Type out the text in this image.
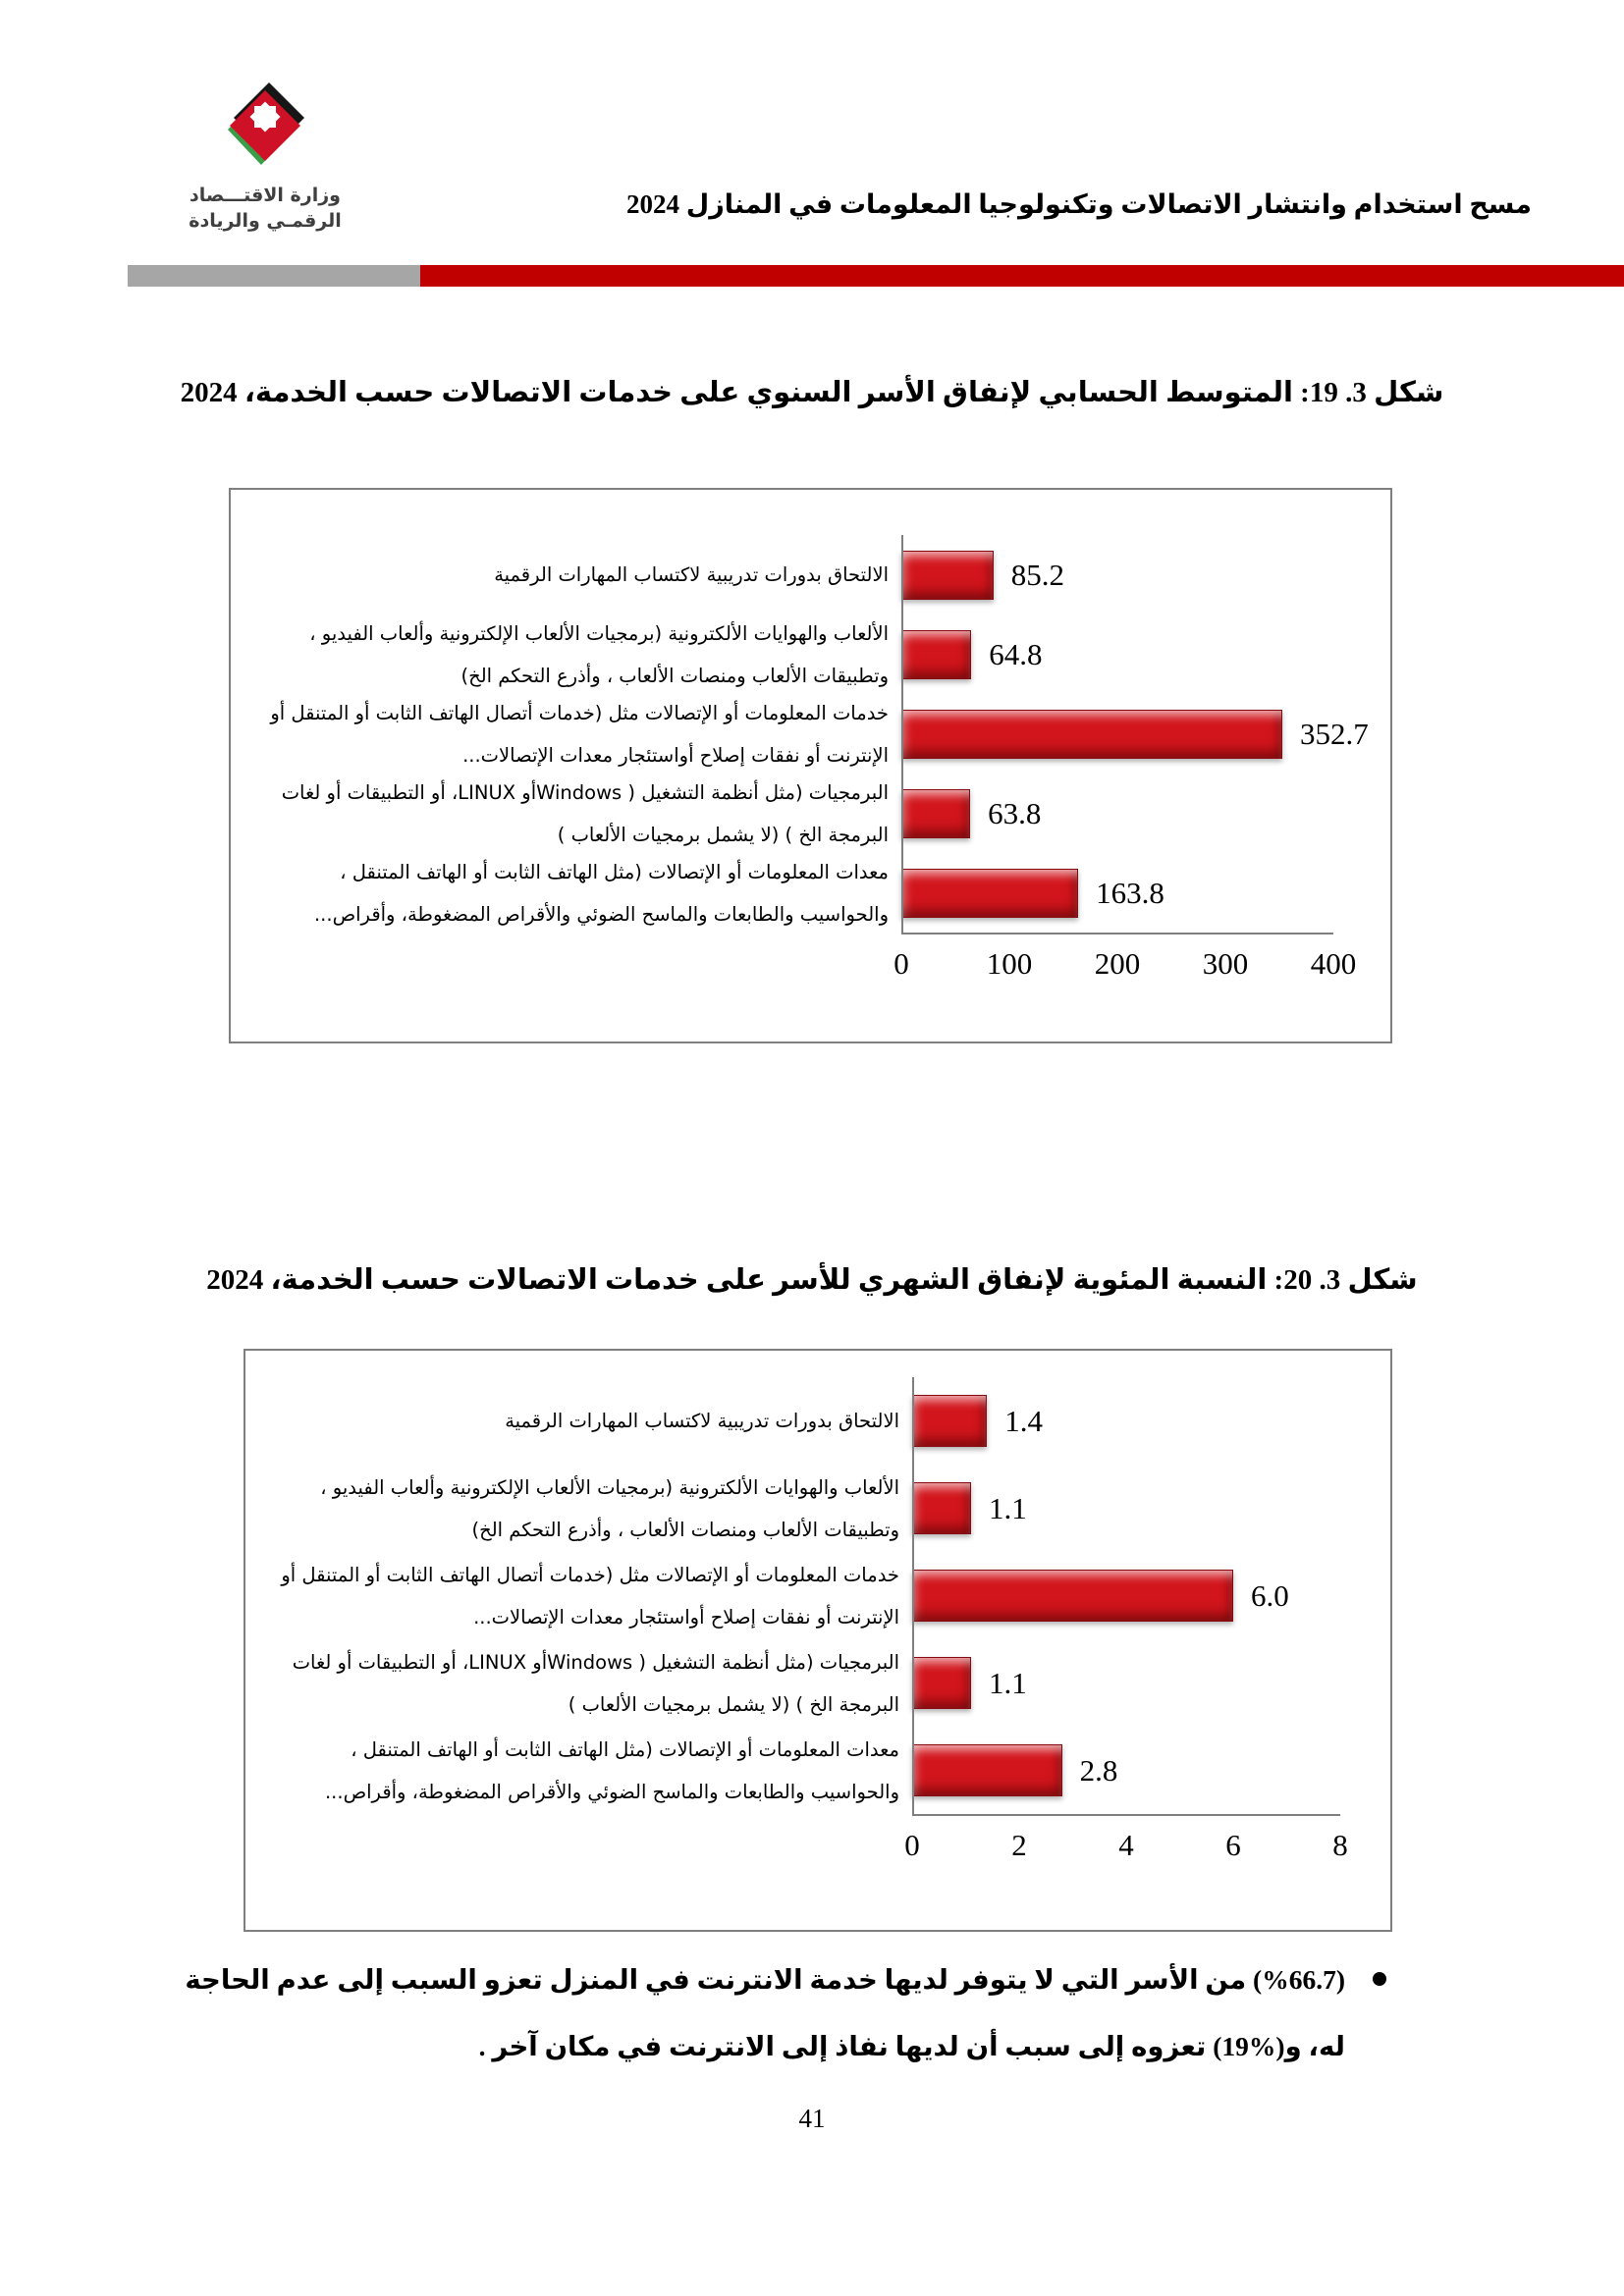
وزارة الاقتـــصاد
الرقمـي والريادة
مسح استخدام وانتشار الاتصالات وتكنولوجيا المعلومات في المنازل 2024
شكل 3. 19: المتوسط الحسابي لإنفاق الأسر السنوي على خدمات الاتصالات حسب الخدمة، 2024
الالتحاق بدورات تدريبية لاكتساب المهارات الرقمية	85.2
الألعاب والهوايات الألكترونية (برمجيات الألعاب الإلكترونية وألعاب الفيديو ، وتطبيقات الألعاب ومنصات الألعاب ، وأذرع التحكم الخ)
64.8
خدمات المعلومات أو الإتصالات مثل (خدمات أتصال الهاتف الثابت أو المتنقل أو الإنترنت أو نفقات إصلاح أواستئجار معدات الإتصالات...
352.7
البرمجيات (مثل أنظمة التشغيل ( Windowsأو LINUX، أو التطبيقات أو لغات البرمجة الخ ) (لا يشمل برمجيات الألعاب )
63.8
معدات المعلومات أو الإتصالات (مثل الهاتف الثابت أو الهاتف المتنقل ، والحواسيب والطابعات والماسح الضوئي والأقراص المضغوطة، وأقراص...
163.8
0	100 200 300 400
شكل 3. 20: النسبة المئوية لإنفاق الشهري للأسر على خدمات الاتصالات حسب الخدمة، 2024
الالتحاق بدورات تدريبية لاكتساب المهارات الرقمية	1.4
الألعاب والهوايات الألكترونية (برمجيات الألعاب الإلكترونية وألعاب الفيديو ، وتطبيقات الألعاب ومنصات الألعاب ، وأذرع التحكم الخ)
1.1
خدمات المعلومات أو الإتصالات مثل (خدمات أتصال الهاتف الثابت أو المتنقل أو الإنترنت أو نفقات إصلاح أواستئجار معدات الإتصالات...
6.0
البرمجيات (مثل أنظمة التشغيل ( Windowsأو LINUX، أو التطبيقات أو لغات البرمجة الخ ) (لا يشمل برمجيات الألعاب )
1.1
معدات المعلومات أو الإتصالات (مثل الهاتف الثابت أو الهاتف المتنقل ، والحواسيب والطابعات والماسح الضوئي والأقراص المضغوطة، وأقراص...
2.8
0	2	4	6	8
(%66.7) من الأسر التي لا يتوفر لديها خدمة الانترنت في المنزل تعزو السبب إلى عدم الحاجة له، و(%19) تعزوه إلى سبب أن لديها نفاذ إلى الانترنت في مكان آخر .
41
